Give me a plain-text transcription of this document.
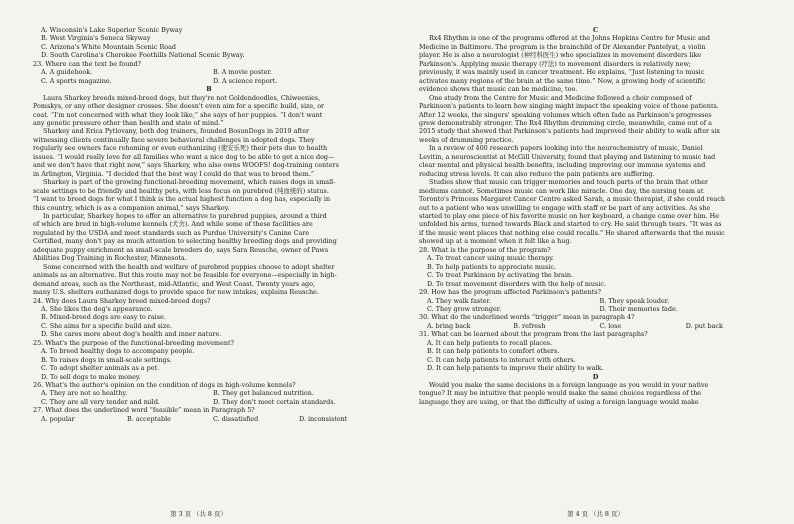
A. Wisconsin's Lake Superior Scenic Byway
B. West Virginia's Seneca Skyway
C. Arizona's White Mountain Scenic Road
D. South Carolina's Cherokee Foothills National Scenic Byway.
23. Where can the text be found?
A. A guidebook.	B. A movie poster.
C. A sports magazine.	D. A science report.
B
Laura Sharkey breeds mixed-breed dogs, but they're not Goldendoodles, Chiweenies,
Pomskys, or any other designer crosses. She doesn't even aim for a specific build, size, or
coat. “I'm not concerned with what they look like,” she says of her puppies. “I don't want
any genetic pressure other than health and state of mind.”
Sharkey and Erica Pytlovany, both dog trainers, founded BosunDogs in 2019 after
witnessing clients continually face severe behavioral challenges in adopted dogs. They
regularly see owners face rehoming or even euthanizing (使安乐死) their pets due to health
issues. “I would really love for all families who want a nice dog to be able to get a nice dog—
and we don't have that right now,” says Sharkey, who also owns WOOFS! dog-training centers
in Arlington, Virginia. “I decided that the best way I could do that was to breed them.”
Sharkey is part of the growing functional-breeding movement, which raises dogs in small-
scale settings to be friendly and healthy pets, with less focus on purebred (纯血统的) status.
“I want to breed dogs for what I think is the actual highest function a dog has, especially in
this country, which is as a companion animal,” says Sharkey.
In particular, Sharkey hopes to offer an alternative to purebred puppies, around a third
of which are bred in high-volume kennels (犬舍). And while some of these facilities are
regulated by the USDA and meet standards such as Purdue University's Canine Care
Certified, many don't pay as much attention to selecting healthy breeding dogs and providing
adequate puppy enrichment as small-scale breeders do, says Sara Reusche, owner of Paws
Abilities Dog Training in Rochester, Minnesota.
Some concerned with the health and welfare of purebred puppies choose to adopt shelter
animals as an alternative. But this route may not be feasible for everyone—especially in high-
demand areas, such as the Northeast, mid-Atlantic, and West Coast. Twenty years ago,
many U.S. shelters euthanized dogs to provide space for new intakes, explains Reusche.
24. Why does Laura Sharkey breed mixed-breed dogs?
A. She likes the dog's appearance.
B. Mixed-breed dogs are easy to raise.
C. She aims for a specific build and size.
D. She cares more about dog's health and inner nature.
25. What's the purpose of the functional-breeding movement?
A. To breed healthy dogs to accompany people.
B. To raises dogs in small-scale settings.
C. To adopt shelter animals as a pet.
D. To sell dogs to make money.
26. What's the author's opinion on the condition of dogs in high-volume kennels?
A. They are not so healthy.	B. They get balanced nutrition.
C. They are all very tender and mild.	D. They don't meet certain standards.
27. What does the underlined word “feasible” mean in Paragraph 5?
A. popular	B. acceptable	C. dissatisfied	D. inconsistent
第 3 页 （共 8 页）
C
Rx4 Rhythm is one of the programs offered at the Johns Hopkins Centre for Music and
Medicine in Baltimore. The program is the brainchild of Dr Alexander Pantelyat, a violin
player. He is also a neurologist (神经科医生) who specializes in movement disorders like
Parkinson's. Applying music therapy (疗法) to movement disorders is relatively new;
previously, it was mainly used in cancer treatment. He explains, “Just listening to music
activates many regions of the brain at the same time.” Now, a growing body of scientific
evidence shows that music can be medicine, too.
One study from the Centre for Music and Medicine followed a choir composed of
Parkinson's patients to learn how singing might impact the speaking voice of those patients.
After 12 weeks, the singers' speaking volumes which often fade as Parkinson's progresses
grew demonstrably stronger. The Rx4 Rhythm drumming circle, meanwhile, came out of a
2015 study that showed that Parkinson's patients had improved their ability to walk after six
weeks of drumming practice.
In a review of 400 research papers looking into the neurochemistry of music, Daniel
Levitin, a neuroscientist at McGill University, found that playing and listening to music had
clear mental and physical health benefits, including improving our immune systems and
reducing stress levels. It can also reduce the pain patients are suffering.
Studies show that music can trigger memories and touch parts of the brain that other
mediums cannot. Sometimes music can work like miracle. One day, the nursing team at
Toronto's Princess Margaret Cancer Centre asked Sarah, a music therapist, if she could reach
out to a patient who was unwilling to engage with staff or be part of any activities. As she
started to play one piece of his favorite music on her keyboard, a change came over him. He
unfolded his arms, turned towards Black and started to cry. He said through tears. “It was as
if the music went places that nothing else could recalls.” He shared afterwards that the music
showed up at a moment when it felt like a hug.
28. What is the purpose of the program?
A. To treat cancer using music therapy.
B. To help patients to appreciate music.
C. To treat Parkinson by activating the brain.
D. To treat movement disorders with the help of music.
29. How has the program affected Parkinson's patients?
A. They walk faster.	B. They speak louder.
C. They grow stronger.	D. Their memories fade.
30. What do the underlined words “trigger” mean in paragraph 4?
A. bring back	B. refresh	C. lose	D. put back
31. What can be learned about the program from the last paragraphs?
A. It can help patients to recall places.
B. It can help patients to comfort others.
C. It can help patients to interact with others.
D. It can help patients to improve their ability to walk.
D
Would you make the same decisions in a foreign language as you would in your native
tongue? It may be intuitive that people would make the same choices regardless of the
language they are using, or that the difficulty of using a foreign language would make
第 4 页 （共 8 页）
